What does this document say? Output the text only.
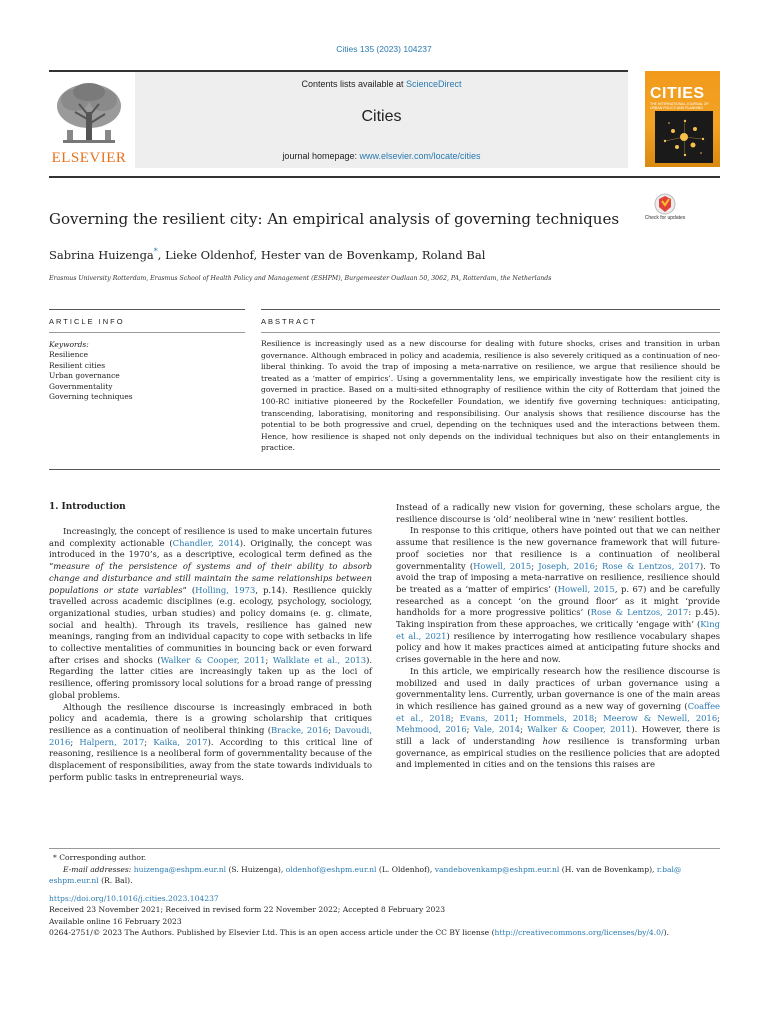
Cities 135 (2023) 104237
ELSEVIER
Contents lists available at ScienceDirect
Cities
journal homepage: www.elsevier.com/locate/cities
CITIES
THE INTERNATIONAL JOURNAL OF URBAN POLICY AND PLANNING
Governing the resilient city: An empirical analysis of governing techniques	Check for updates
Sabrina Huizenga*, Lieke Oldenhof, Hester van de Bovenkamp, Roland Bal
Erasmus University Rotterdam, Erasmus School of Health Policy and Management (ESHPM), Burgemeester Oudlaan 50, 3062, PA, Rotterdam, the Netherlands
ARTICLE INFO	ABSTRACT
Keywords:
Resilience
Resilient cities
Urban governance
Governmentality
Governing techniques
Resilience is increasingly used as a new discourse for dealing with future shocks, crises and transition in urban governance. Although embraced in policy and academia, resilience is also severely critiqued as a continuation of neo-liberal thinking. To avoid the trap of imposing a meta-narrative on resilience, we argue that resilience should be treated as a ‘matter of empirics’. Using a governmentality lens, we empirically investigate how the resilient city is governed in practice. Based on a multi-sited ethnography of resilience within the city of Rotterdam that joined the 100-RC initiative pioneered by the Rockefeller Foundation, we identify five governing techniques: anticipating, transcending, laboratising, monitoring and responsibilising. Our analysis shows that resilience discourse has the potential to be both progressive and cruel, depending on the techniques used and the interactions between them. Hence, how resilience is shaped not only depends on the individual techniques but also on their entanglements in practice.
1. Introduction

Increasingly, the concept of resilience is used to make uncertain futures and complexity actionable (Chandler, 2014). Originally, the concept was introduced in the 1970’s, as a descriptive, ecological term defined as the “measure of the persistence of systems and of their ability to absorb change and disturbance and still maintain the same relationships between populations or state variables” (Holling, 1973, p.14). Resilience quickly travelled across academic disciplines (e.g. ecology, psychology, sociology, organizational studies, urban studies) and policy domains (e. g. climate, social and health). Through its travels, resilience has gained new meanings, ranging from an individual capacity to cope with setbacks in life to collective mentalities of communities in bouncing back or even forward after crises and shocks (Walker & Cooper, 2011; Walklate et al., 2013). Regarding the latter cities are increasingly taken up as the loci of resilience, offering promissory local solutions for a broad range of pressing global problems.

Although the resilience discourse is increasingly embraced in both policy and academia, there is a growing scholarship that critiques resilience as a continuation of neoliberal thinking (Bracke, 2016; Davoudi, 2016; Halpern, 2017; Kaika, 2017). According to this critical line of reasoning, resilience is a neoliberal form of governmentality because of the displacement of responsibilities, away from the state towards individuals to perform public tasks in entrepreneurial ways.

Instead of a radically new vision for governing, these scholars argue, the resilience discourse is ‘old’ neoliberal wine in ‘new’ resilient bottles.

In response to this critique, others have pointed out that we can neither assume that resilience is the new governance framework that will future-proof societies nor that resilience is a continuation of neoliberal governmentality (Howell, 2015; Joseph, 2016; Rose & Lentzos, 2017). To avoid the trap of imposing a meta-narrative on resilience, resilience should be treated as a ‘matter of empirics’ (Howell, 2015, p. 67) and be carefully researched as a concept ‘on the ground floor’ as it might ‘provide handholds for a more progressive politics’ (Rose & Lentzos, 2017: p.45). Taking inspiration from these approaches, we critically ‘engage with’ (King et al., 2021) resilience by interrogating how resilience vocabulary shapes policy and how it makes practices aimed at anticipating future shocks and crises governable in the here and now.

In this article, we empirically research how the resilience discourse is mobilized and used in daily practices of urban governance using a governmentality lens. Currently, urban governance is one of the main areas in which resilience has gained ground as a new way of governing (Coaffee et al., 2018; Evans, 2011; Hommels, 2018; Meerow & Newell, 2016; Mehmood, 2016; Vale, 2014; Walker & Cooper, 2011). However, there is still a lack of understanding how resilience is transforming urban governance, as empirical studies on the resilience policies that are adopted and implemented in cities and on the tensions this raises are

* Corresponding author.
E-mail addresses: huizenga@eshpm.eur.nl (S. Huizenga), oldenhof@eshpm.eur.nl (L. Oldenhof), vandebovenkamp@eshpm.eur.nl (H. van de Bovenkamp), r.bal@
eshpm.eur.nl (R. Bal).
https://doi.org/10.1016/j.cities.2023.104237
Received 23 November 2021; Received in revised form 22 November 2022; Accepted 8 February 2023
Available online 16 February 2023
0264-2751/© 2023 The Authors. Published by Elsevier Ltd. This is an open access article under the CC BY license (http://creativecommons.org/licenses/by/4.0/).
